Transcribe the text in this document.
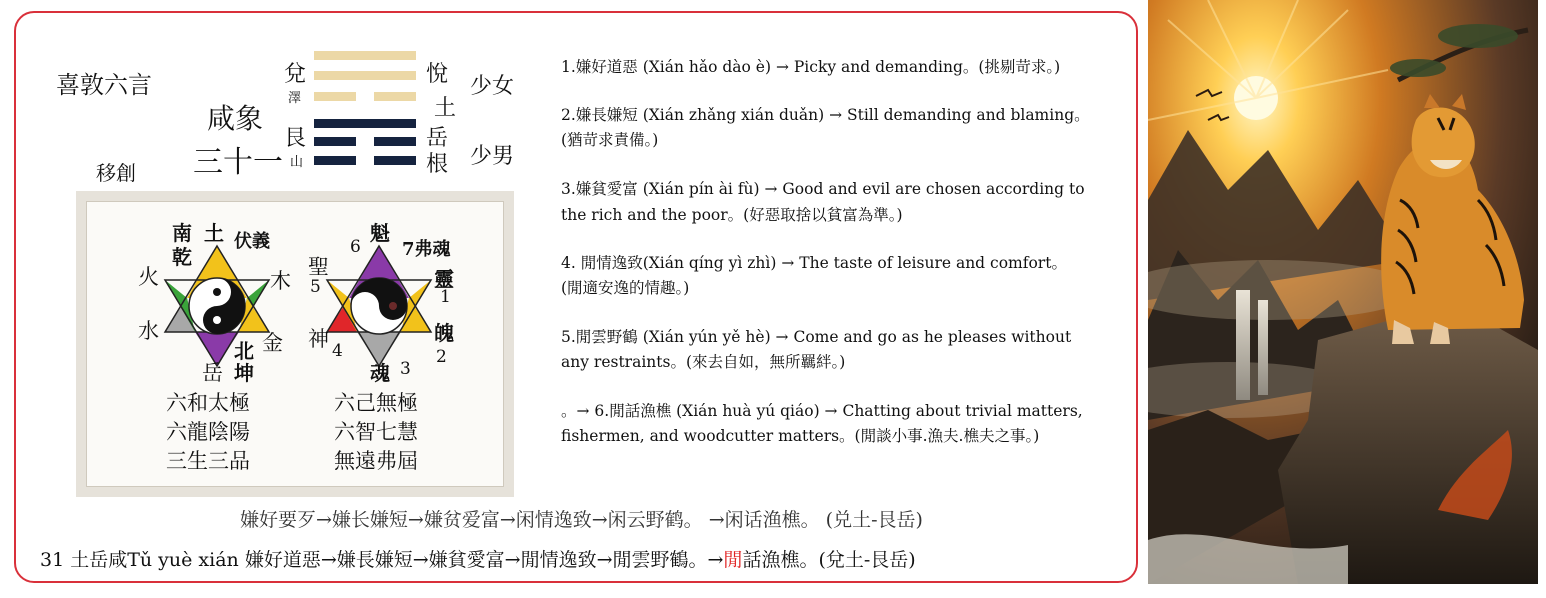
喜敦六言
咸象
三十一
移創
兌
澤
艮
山
悅
土
岳
根
少女
少男
南
乾
土 伏義
火	木
水	金
北
坤
岳
魁
6 7弗魂
聖
5	靈
1
神 4
魄
2
魂 3
六和太極
六龍陰陽
三生三品
六己無極
六智七慧
無遠弗屆
1.嫌好道惡 (Xián hǎo dào è) → Picky and demanding。(挑剔苛求。)
2.嫌長嫌短 (Xián zhǎng xián duǎn) → Still demanding and blaming。
(猶苛求責備。)
3.嫌貧愛富 (Xián pín ài fù) → Good and evil are chosen according to
the rich and the poor。(好惡取捨以貧富為準。)
4. 閒情逸致(Xián qíng yì zhì) → The taste of leisure and comfort。
(閒適安逸的情趣。)
5.閒雲野鶴 (Xián yún yě hè) → Come and go as he pleases without
any restraints。(來去自如，無所羈絆。)
。→ 6.閒話漁樵 (Xián huà yú qiáo) → Chatting about trivial matters,
fishermen, and woodcutter matters。(閒談小事.漁夫.樵夫之事。)
嫌好要歹→嫌长嫌短→嫌贫爱富→闲情逸致→闲云野鹤。 →闲话渔樵。 (兑土-艮岳)
31 土岳咸Tǔ yuè xián 嫌好道惡→嫌長嫌短→嫌貧愛富→閒情逸致→閒雲野鶴。→閒話漁樵。(兌土-艮岳)
